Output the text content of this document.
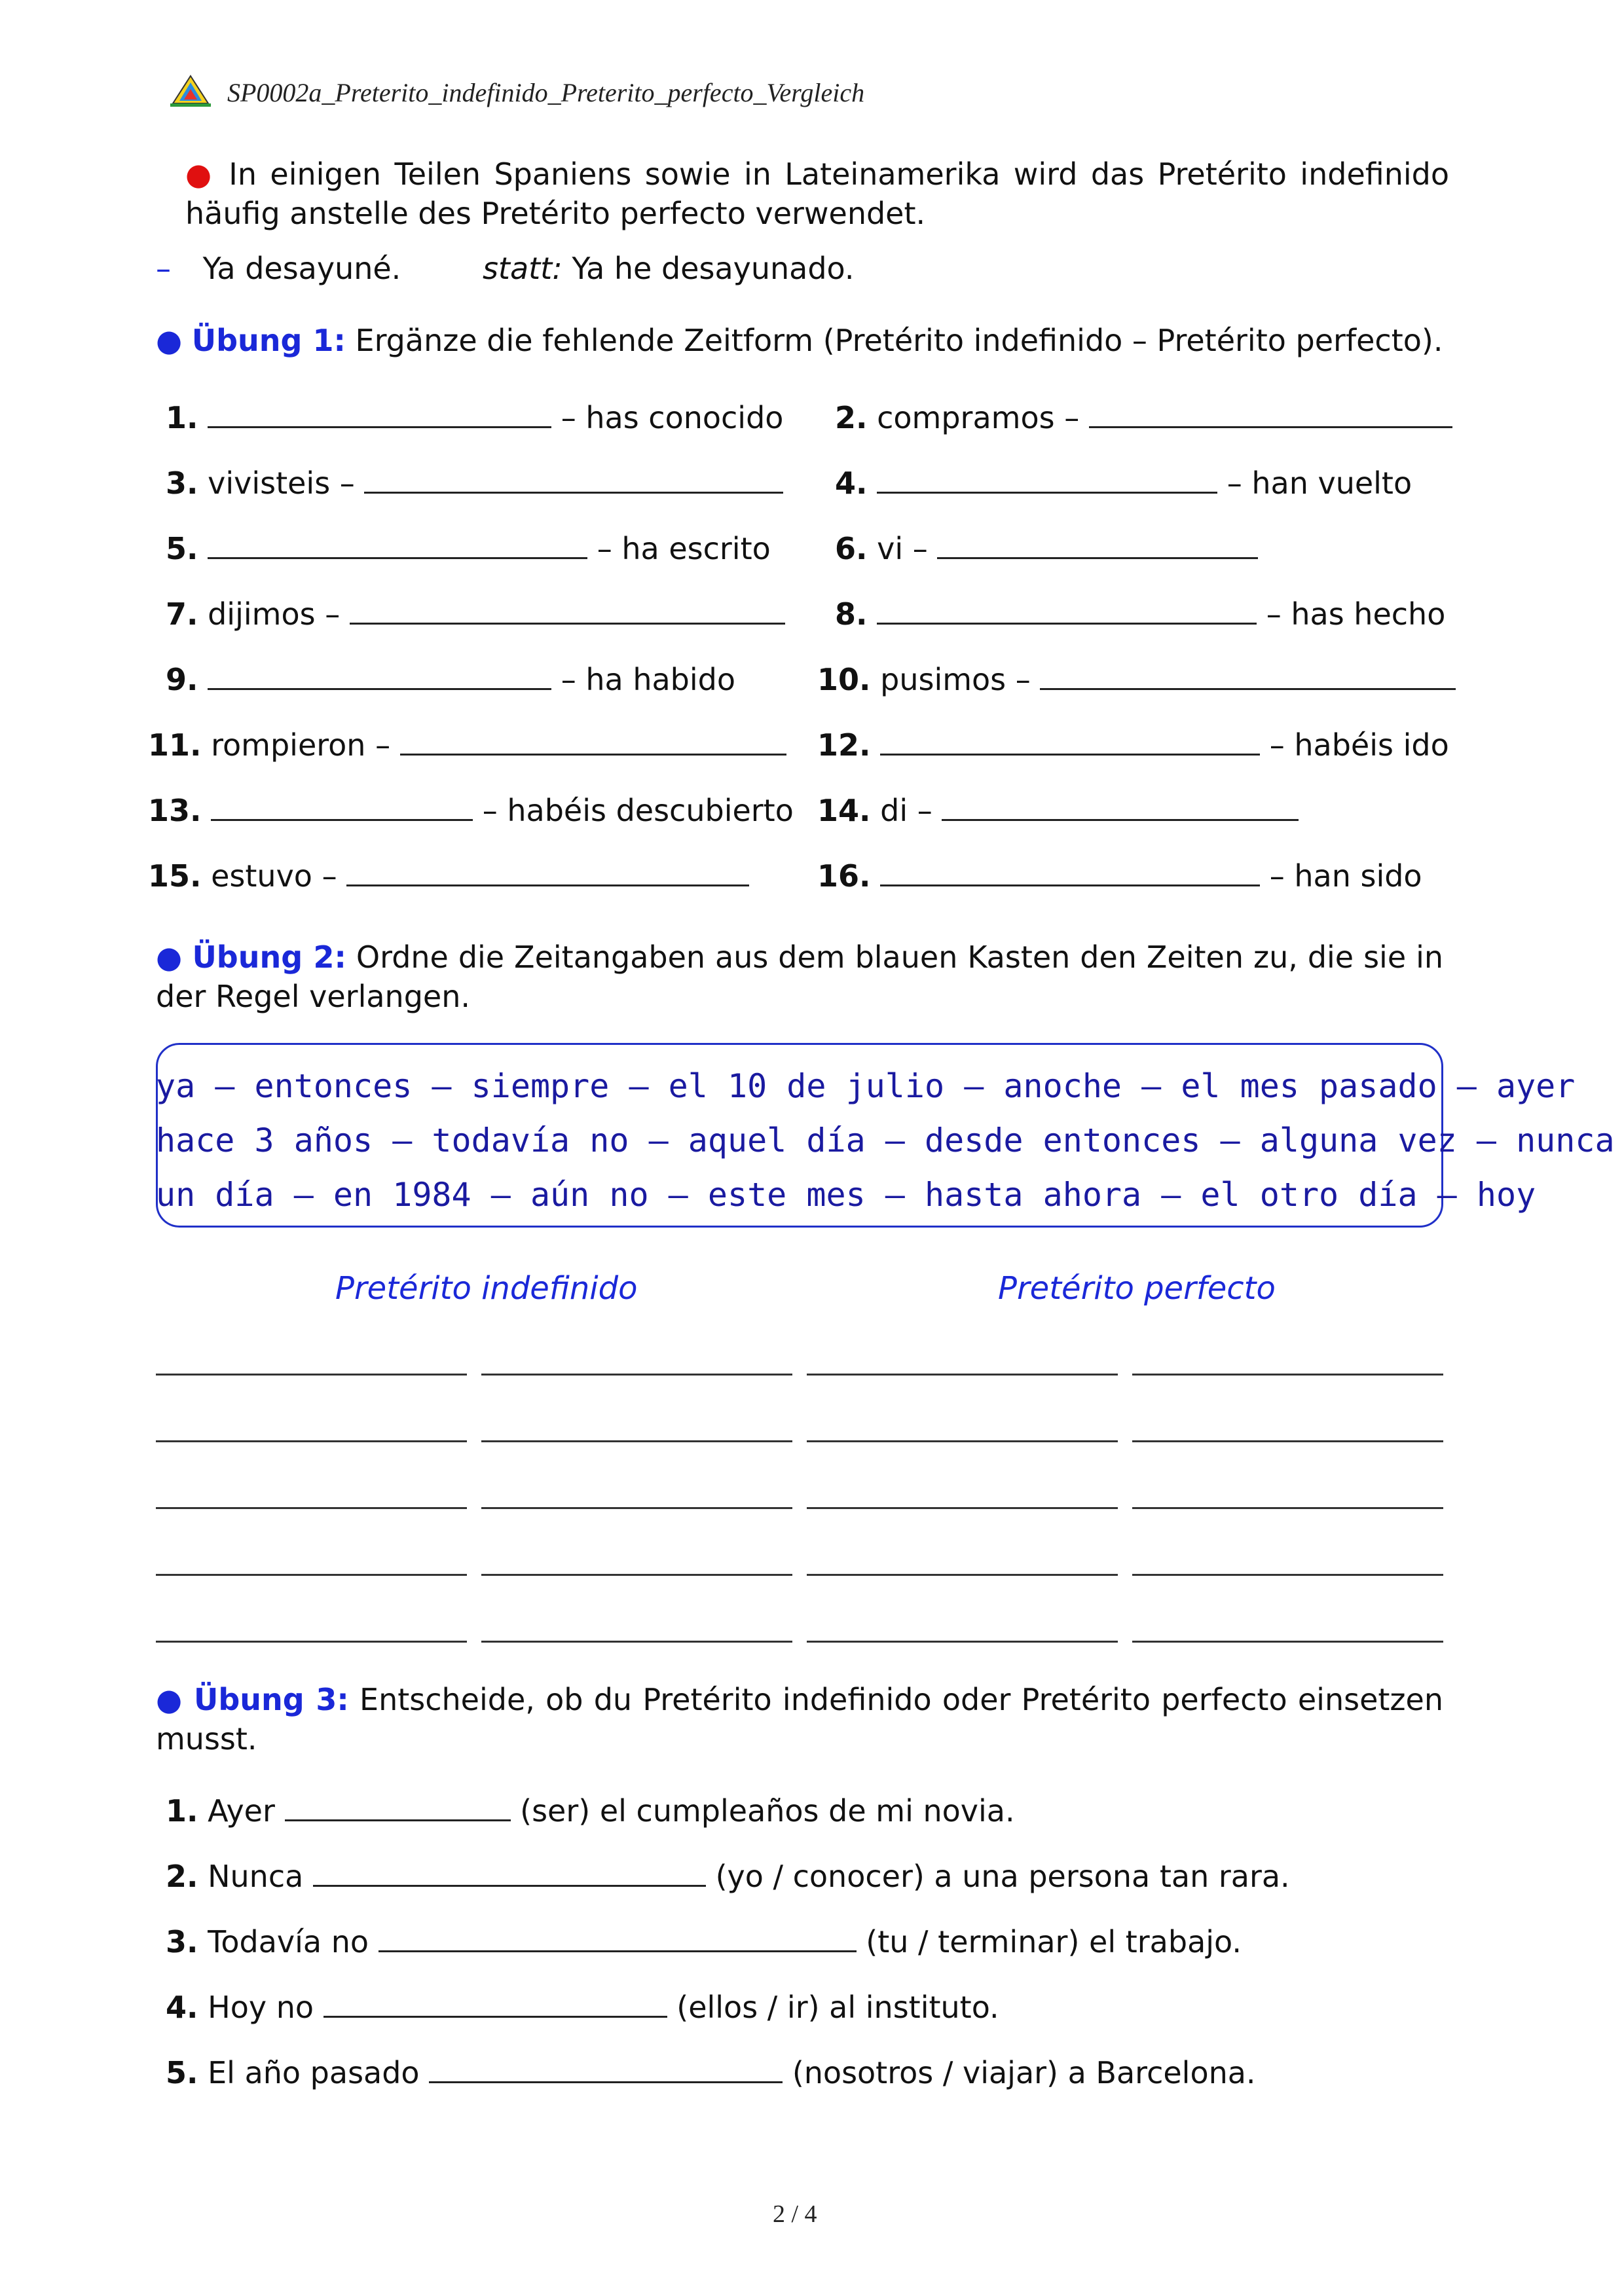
SP0002a_Preterito_indefinido_Preterito_perfecto_Vergleich
● In einigen Teilen Spaniens sowie in Lateinamerika wird das Pretérito indefinido häufig anstelle des Pretérito perfecto verwendet.
– Ya desayuné.	statt: Ya he desayunado.
● Übung 1: Ergänze die fehlende Zeitform (Pretérito indefinido – Pretérito perfecto).
1.	– has conocido 2. compramos –
3. vivisteis –	4.	– han vuelto
5.	– ha escrito 6. vi –
7. dijimos –	8.	– has hecho
9.	– ha habido	10. pusimos –
11. rompieron –	12.	– habéis ido
13.	– habéis descubierto 14. di –
15. estuvo –	16.	– han sido
● Übung 2: Ordne die Zeitangaben aus dem blauen Kasten den Zeiten zu, die sie in der Regel verlangen.
ya – entonces – siempre – el 10 de julio – anoche – el mes pasado – ayer
hace 3 años – todavía no – aquel día – desde entonces – alguna vez – nunca
un día – en 1984 – aún no – este mes – hasta ahora – el otro día – hoy
Pretérito indefinido	Pretérito perfecto
● Übung 3: Entscheide, ob du Pretérito indefinido oder Pretérito perfecto einsetzen musst.
1. Ayer	(ser) el cumpleaños de mi novia.
2. Nunca	(yo / conocer) a una persona tan rara.
3. Todavía no	(tu / terminar) el trabajo.
4. Hoy no	(ellos / ir) al instituto.
5. El año pasado	(nosotros / viajar) a Barcelona.
2 / 4
